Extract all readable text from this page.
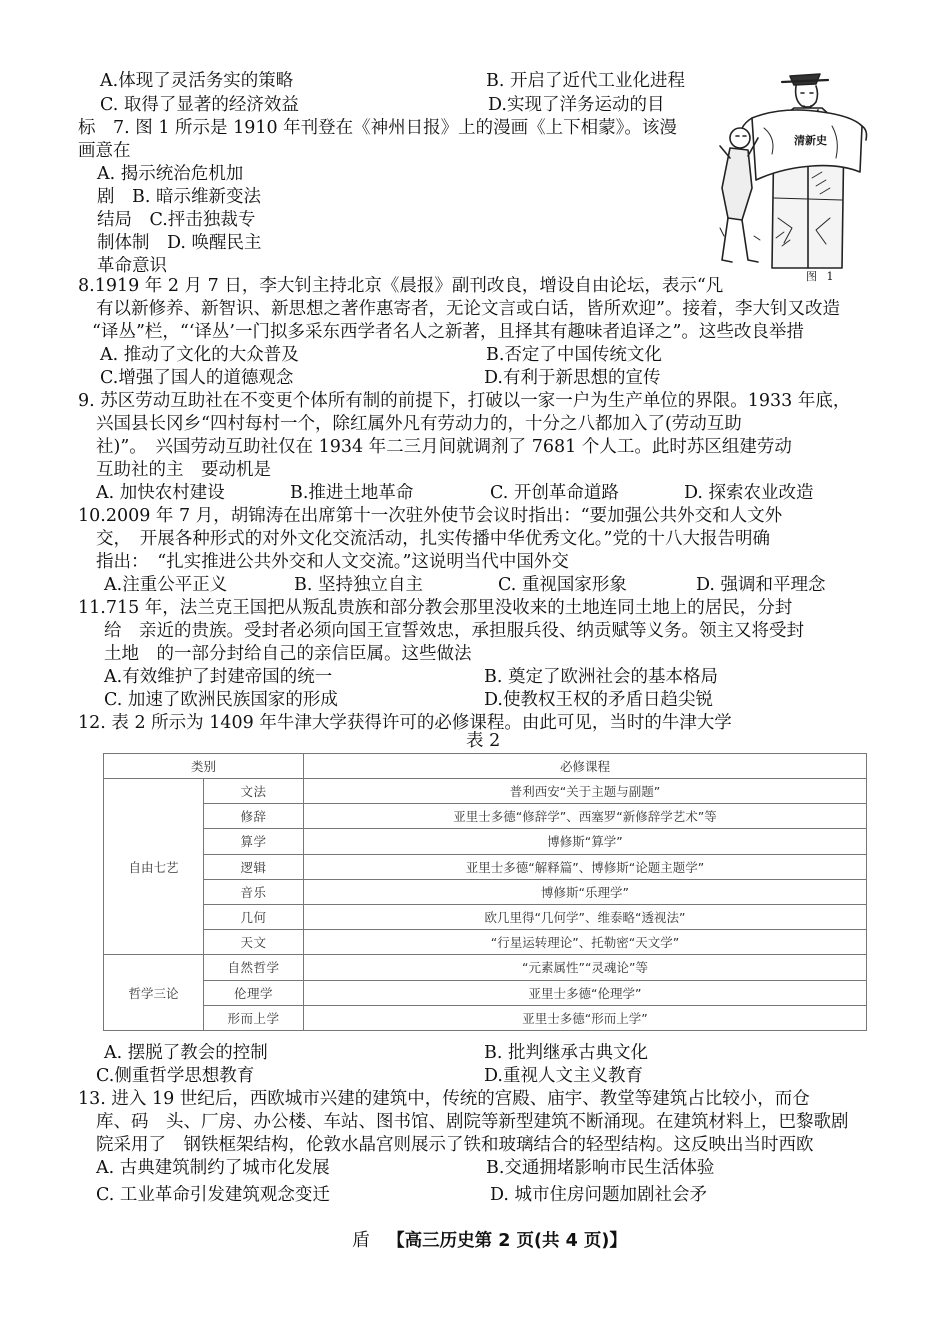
A.体现了灵活务实的策略	B. 开启了近代工业化进程
C. 取得了显著的经济效益	D.实现了洋务运动的目
标　7. 图 1 所示是 1910 年刊登在《神州日报》上的漫画《上下相蒙》。该漫
画意在
A. 揭示统治危机加
剧　B. 暗示维新变法
结局　C.抨击独裁专
制体制　D. 唤醒民主
革命意识
清新史
图 1
8.1919 年 2 月 7 日，李大钊主持北京《晨报》副刊改良，增设自由论坛，表示“凡
有以新修养、新智识、新思想之著作惠寄者，无论文言或白话，皆所欢迎”。接着，李大钊又改造
“译丛”栏，“‘译丛’一门拟多采东西学者名人之新著，且择其有趣味者追译之”。这些改良举措
A. 推动了文化的大众普及	B.否定了中国传统文化
C.增强了国人的道德观念	D.有利于新思想的宣传
9. 苏区劳动互助社在不变更个体所有制的前提下，打破以一家一户为生产单位的界限。1933 年底，
兴国县长冈乡“四村每村一个，除红属外凡有劳动力的，十分之八都加入了(劳动互助
社)”。　兴国劳动互助社仅在 1934 年二三月间就调剂了 7681 个人工。此时苏区组建劳动
互助社的主　要动机是
A. 加快农村建设	B.推进土地革命	C. 开创革命道路	D. 探索农业改造
10.2009 年 7 月，胡锦涛在出席第十一次驻外使节会议时指出：“要加强公共外交和人文外
交，　开展各种形式的对外文化交流活动，扎实传播中华优秀文化。”党的十八大报告明确
指出：　“扎实推进公共外交和人文交流。”这说明当代中国外交
A.注重公平正义	B. 坚持独立自主	C. 重视国家形象	D. 强调和平理念
11.715 年，法兰克王国把从叛乱贵族和部分教会那里没收来的土地连同土地上的居民，分封
给　亲近的贵族。受封者必须向国王宣誓效忠，承担服兵役、纳贡赋等义务。领主又将受封
土地　的一部分封给自己的亲信臣属。这些做法
A.有效维护了封建帝国的统一	B. 奠定了欧洲社会的基本格局
C. 加速了欧洲民族国家的形成	D.使教权王权的矛盾日趋尖锐
12. 表 2 所示为 1409 年牛津大学获得许可的必修课程。由此可见，当时的牛津大学
表 2
类别		必修课程
自由七艺	文法	普利西安“关于主题与副题”
	修辞	亚里士多德“修辞学”、西塞罗“新修辞学艺术”等
	算学	博修斯“算学”
	逻辑	亚里士多德“解释篇”、博修斯“论题主题学”
	音乐	博修斯“乐理学”
	几何	欧几里得“几何学”、维泰略“透视法”
	天文	“行星运转理论”、托勒密“天文学”
哲学三论	自然哲学	“元素属性”“灵魂论”等
	伦理学	亚里士多德“伦理学”
	形而上学	亚里士多德“形而上学”
A. 摆脱了教会的控制	B. 批判继承古典文化
C.侧重哲学思想教育	D.重视人文主义教育
13. 进入 19 世纪后，西欧城市兴建的建筑中，传统的宫殿、庙宇、教堂等建筑占比较小，而仓
库、码　头、厂房、办公楼、车站、图书馆、剧院等新型建筑不断涌现。在建筑材料上，巴黎歌剧
院采用了　钢铁框架结构，伦敦水晶宫则展示了铁和玻璃结合的轻型结构。这反映出当时西欧
A. 古典建筑制约了城市化发展	B.交通拥堵影响市民生活体验
C. 工业革命引发建筑观念变迁	D. 城市住房问题加剧社会矛
盾 【高三历史第 2 页(共 4 页)】
